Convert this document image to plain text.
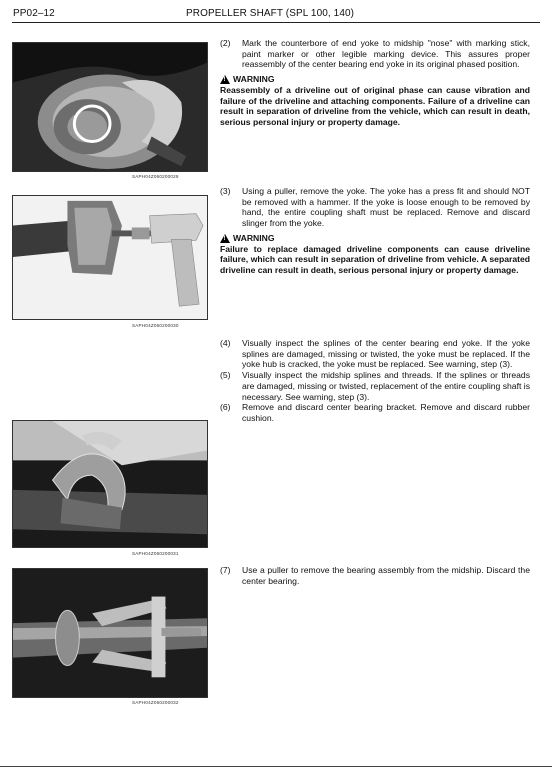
PP02–12	PROPELLER SHAFT (SPL 100, 140)
SAPH04Z060200029
SAPH04Z060200030
SAPH04Z060200031
SAPH04Z060200032
(2)	Mark the counterbore of end yoke to midship "nose" with marking stick, paint marker or other legible marking device. This assures proper reassembly of the center bearing end yoke in its original phased position.
!
WARNING
Reassembly of a driveline out of original phase can cause vibration and failure of the driveline and attaching components. Failure of a driveline can result in separation of driveline from the vehicle, which can result in death, serious personal injury or property damage.
(3)	Using a puller, remove the yoke. The yoke has a press fit and should NOT be removed with a hammer. If the yoke is loose enough to be removed by hand, the entire coupling shaft must be replaced. Remove and discard slinger from the yoke.
!
WARNING
Failure to replace damaged driveline components can cause driveline failure, which can result in separation of driveline from vehicle. A separated driveline can result in death, serious personal injury or property damage.
(4)	Visually inspect the splines of the center bearing end yoke. If the yoke splines are damaged, missing or twisted, the yoke must be replaced. If the yoke hub is cracked, the yoke must be replaced. See warning, step (3).
(5)	Visually inspect the midship splines and threads. If the splines or threads are damaged, missing or twisted, replacement of the entire coupling shaft is necessary. See warning, step (3).
(6)	Remove and discard center bearing bracket. Remove and discard rubber cushion.
(7)	Use a puller to remove the bearing assembly from the midship. Discard the center bearing.
